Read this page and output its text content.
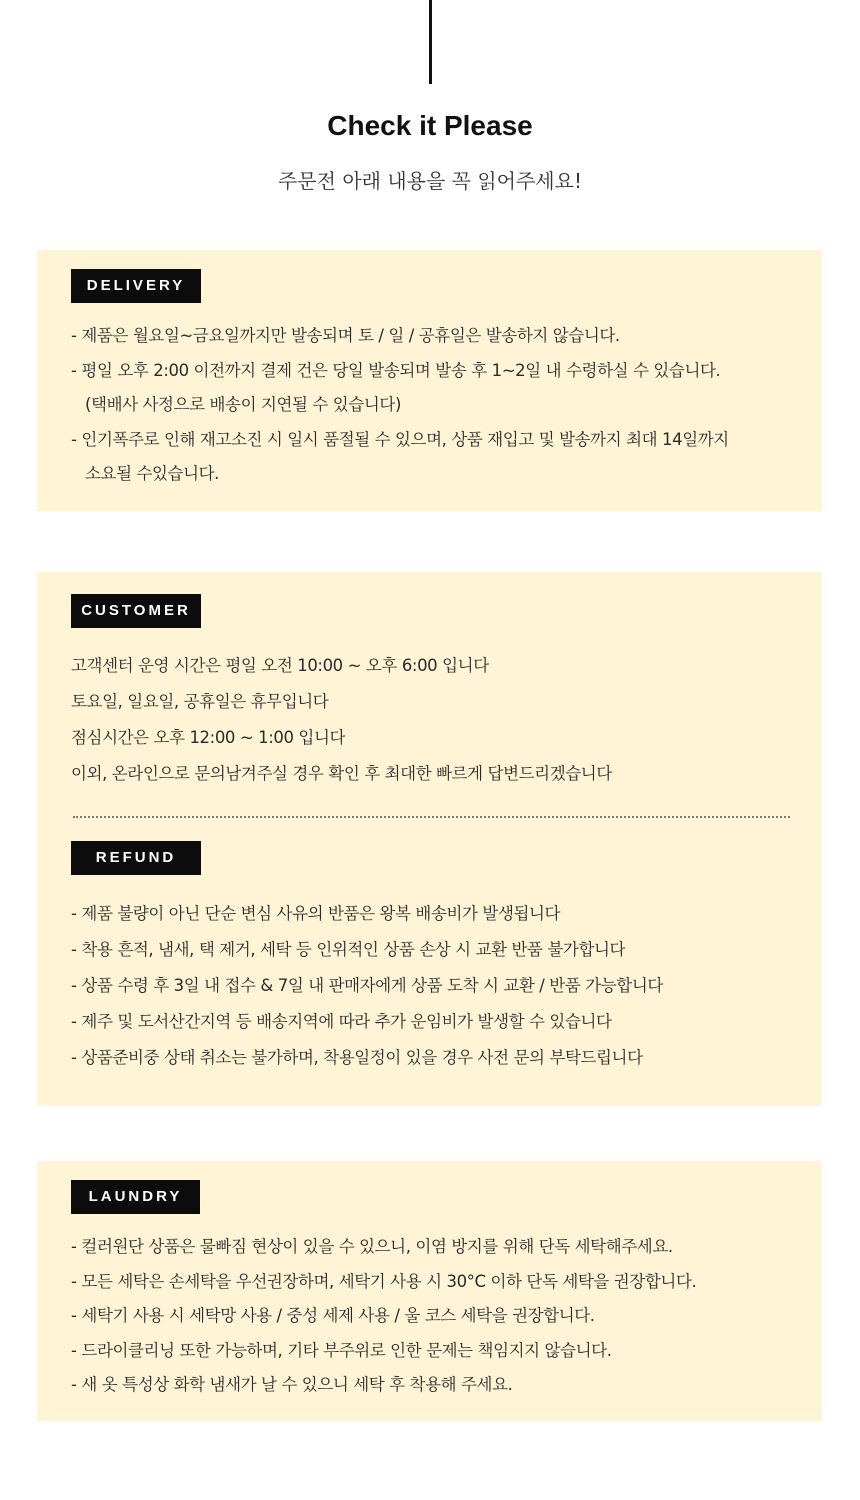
Check it Please
주문전 아래 내용을 꼭 읽어주세요!
DELIVERY
- 제품은 월요일~금요일까지만 발송되며 토 / 일 / 공휴일은 발송하지 않습니다.
- 평일 오후 2:00 이전까지 결제 건은 당일 발송되며 발송 후 1~2일 내 수령하실 수 있습니다.
(택배사 사정으로 배송이 지연될 수 있습니다)
- 인기폭주로 인해 재고소진 시 일시 품절될 수 있으며, 상품 재입고 및 발송까지 최대 14일까지
소요될 수있습니다.
CUSTOMER
고객센터 운영 시간은 평일 오전 10:00 ~ 오후 6:00 입니다
토요일, 일요일, 공휴일은 휴무입니다
점심시간은 오후 12:00 ~ 1:00 입니다
이외, 온라인으로 문의남겨주실 경우 확인 후 최대한 빠르게 답변드리겠습니다
REFUND
- 제품 불량이 아닌 단순 변심 사유의 반품은 왕복 배송비가 발생됩니다
- 착용 흔적, 냄새, 택 제거, 세탁 등 인위적인 상품 손상 시 교환 반품 불가합니다
- 상품 수령 후 3일 내 접수 & 7일 내 판매자에게 상품 도착 시 교환 / 반품 가능합니다
- 제주 및 도서산간지역 등 배송지역에 따라 추가 운임비가 발생할 수 있습니다
- 상품준비중 상태 취소는 불가하며, 착용일정이 있을 경우 사전 문의 부탁드립니다
LAUNDRY
- 컬러원단 상품은 물빠짐 현상이 있을 수 있으니, 이염 방지를 위해 단독 세탁해주세요.
- 모든 세탁은 손세탁을 우선권장하며, 세탁기 사용 시 30°C 이하 단독 세탁을 권장합니다.
- 세탁기 사용 시 세탁망 사용 / 중성 세제 사용 / 울 코스 세탁을 권장합니다.
- 드라이클리닝 또한 가능하며, 기타 부주위로 인한 문제는 책임지지 않습니다.
- 새 옷 특성상 화학 냄새가 날 수 있으니 세탁 후 착용해 주세요.
